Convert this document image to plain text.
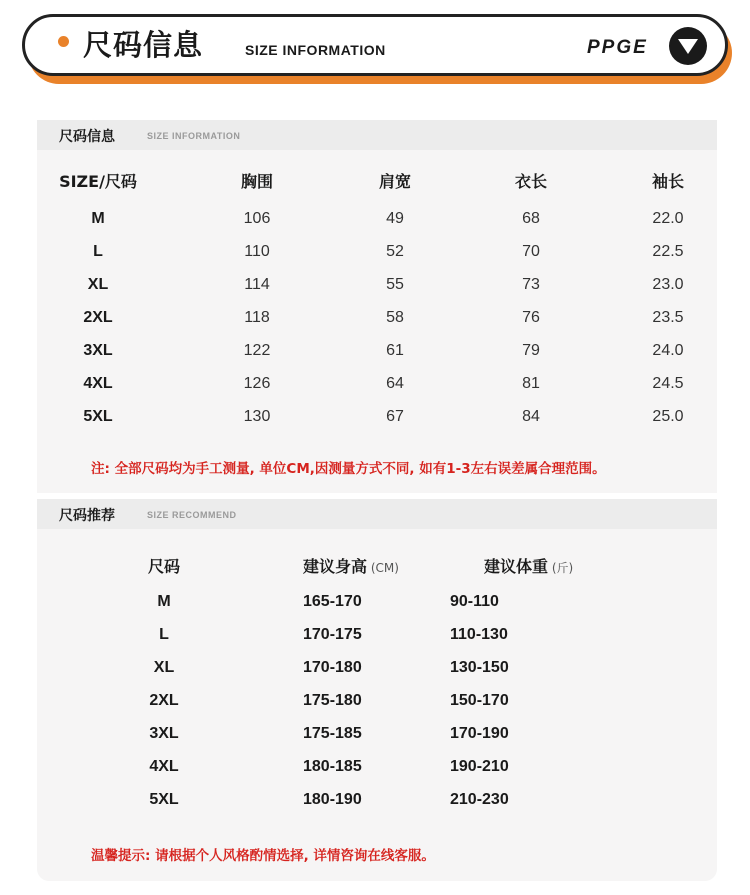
尺码信息	SIZE INFORMATION	PPGE
尺码信息	SIZE INFORMATION
SIZE/尺码	胸围	肩宽	衣长	袖长
M	106	49	68	22.0
L	110	52	70	22.5
XL	114	55	73	23.0
2XL	118	58	76	23.5
3XL	122	61	79	24.0
4XL	126	64	81	24.5
5XL	130	67	84	25.0
注: 全部尺码均为手工测量, 单位CM,因测量方式不同, 如有1-3左右误差属合理范围。
尺码推荐	SIZE RECOMMEND
尺码	建议身高 (CM)	建议体重 (斤)
M	165-170	90-110
L	170-175	110-130
XL	170-180	130-150
2XL	175-180	150-170
3XL	175-185	170-190
4XL	180-185	190-210
5XL	180-190	210-230
温馨提示: 请根据个人风格酌情选择, 详情咨询在线客服。
